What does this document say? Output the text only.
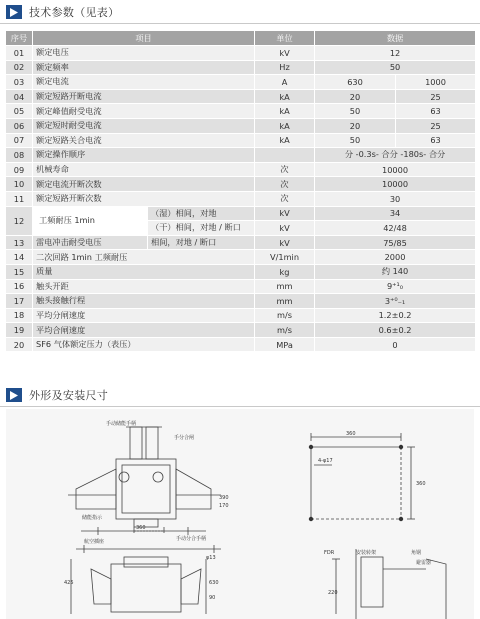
技术参数（见表）
序号	项目		单位	数据	
01	额定电压		kV	12	
02	额定频率		Hz	50	
03	额定电流		A	630	1000
04	额定短路开断电流		kA	20	25
05	额定峰值耐受电流		kA	50	63
06	额定短时耐受电流		kA	20	25
07	额定短路关合电流		kA	50	63
08	额定操作顺序			分 -0.3s- 合分 -180s- 合分	
09	机械寿命		次	10000	
10	额定电流开断次数		次	10000	
11	额定短路开断次数		次	30	
12	工频耐压 1min	（湿）相间，对地	kV	34	
		（干）相间，对地 / 断口	kV	42/48	
13	雷电冲击耐受电压	相间，对地 / 断口	kV	75/85	
14	二次回路 1min 工频耐压		V/1min	2000	
15	质量		kg	约 140	
16	触头开距		mm	9⁺¹₀	
17	触头接触行程		mm	3⁺⁰₋₁	
18	平均分闸速度		m/s	1.2±0.2	
19	平均合闸速度		m/s	0.6±0.2	
20	SF6 气体额定压力（表压）		MPa	0	
外形及安装尺寸
手动储能手柄
手分合闸
储能指示
360
手动分合手柄
航空插座
φ13
390
170
425	630
90
360
360
4-φ17
FDR	安装转架	角钢
避雷器
220
